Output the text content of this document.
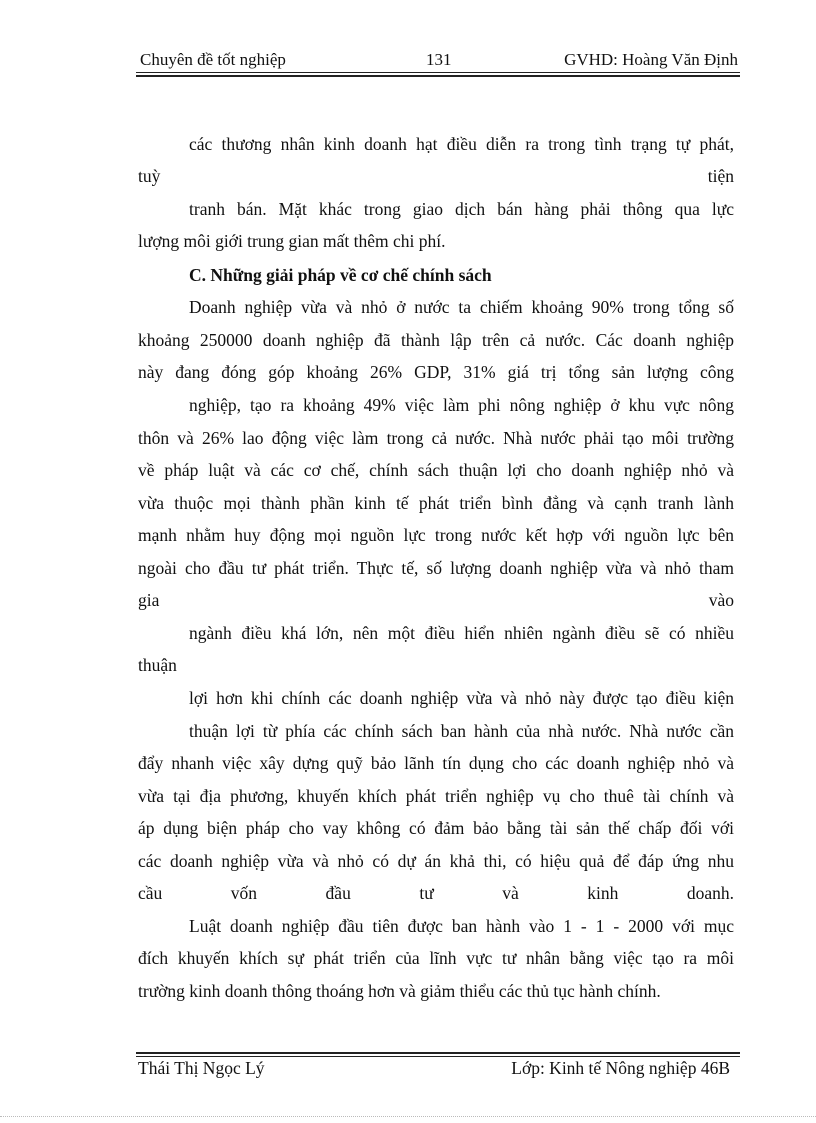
Chuyên đề tốt nghiệp	131	GVHD: Hoàng Văn Định
các thương nhân kinh doanh hạt điều diễn ra trong tình trạng tự phát,
tuỳ	tiện
tranh bán. Mặt khác trong giao dịch bán hàng phải thông qua lực
lượng môi giới trung gian mất thêm chi phí.
C. Những giải pháp về cơ chế chính sách
Doanh nghiệp vừa và nhỏ ở nước ta chiếm khoảng 90% trong tổng số
khoảng 250000 doanh nghiệp đã thành lập trên cả nước. Các doanh nghiệp
này đang đóng góp khoảng 26% GDP, 31% giá trị tổng sản lượng công
nghiệp, tạo ra khoảng 49% việc làm phi nông nghiệp ở khu vực nông
thôn và 26% lao động việc làm trong cả nước. Nhà nước phải tạo môi trường
về pháp luật và các cơ chế, chính sách thuận lợi cho doanh nghiệp nhỏ và
vừa thuộc mọi thành phần kinh tế phát triển bình đẳng và cạnh tranh lành
mạnh nhằm huy động mọi nguồn lực trong nước kết hợp với nguồn lực bên
ngoài cho đầu tư phát triển. Thực tế, số lượng doanh nghiệp vừa và nhỏ tham
gia	vào
ngành điều khá lớn, nên một điều hiển nhiên ngành điều sẽ có nhiều
thuận
lợi hơn khi chính các doanh nghiệp vừa và nhỏ này được tạo điều kiện
thuận lợi từ phía các chính sách ban hành của nhà nước. Nhà nước cần
đẩy nhanh việc xây dựng quỹ bảo lãnh tín dụng cho các doanh nghiệp nhỏ và
vừa tại địa phương, khuyến khích phát triển nghiệp vụ cho thuê tài chính và
áp dụng biện pháp cho vay không có đảm bảo bằng tài sản thế chấp đối với
các doanh nghiệp vừa và nhỏ có dự án khả thi, có hiệu quả để đáp ứng nhu
cầu	vốn	đầu	tư	và	kinh	doanh.
Luật doanh nghiệp đầu tiên được ban hành vào 1 - 1 - 2000 với mục
đích khuyến khích sự phát triển của lĩnh vực tư nhân bằng việc tạo ra môi
trường kinh doanh thông thoáng hơn và giảm thiểu các thủ tục hành chính.
Thái Thị Ngọc Lý	Lớp: Kinh tế Nông nghiệp 46B
